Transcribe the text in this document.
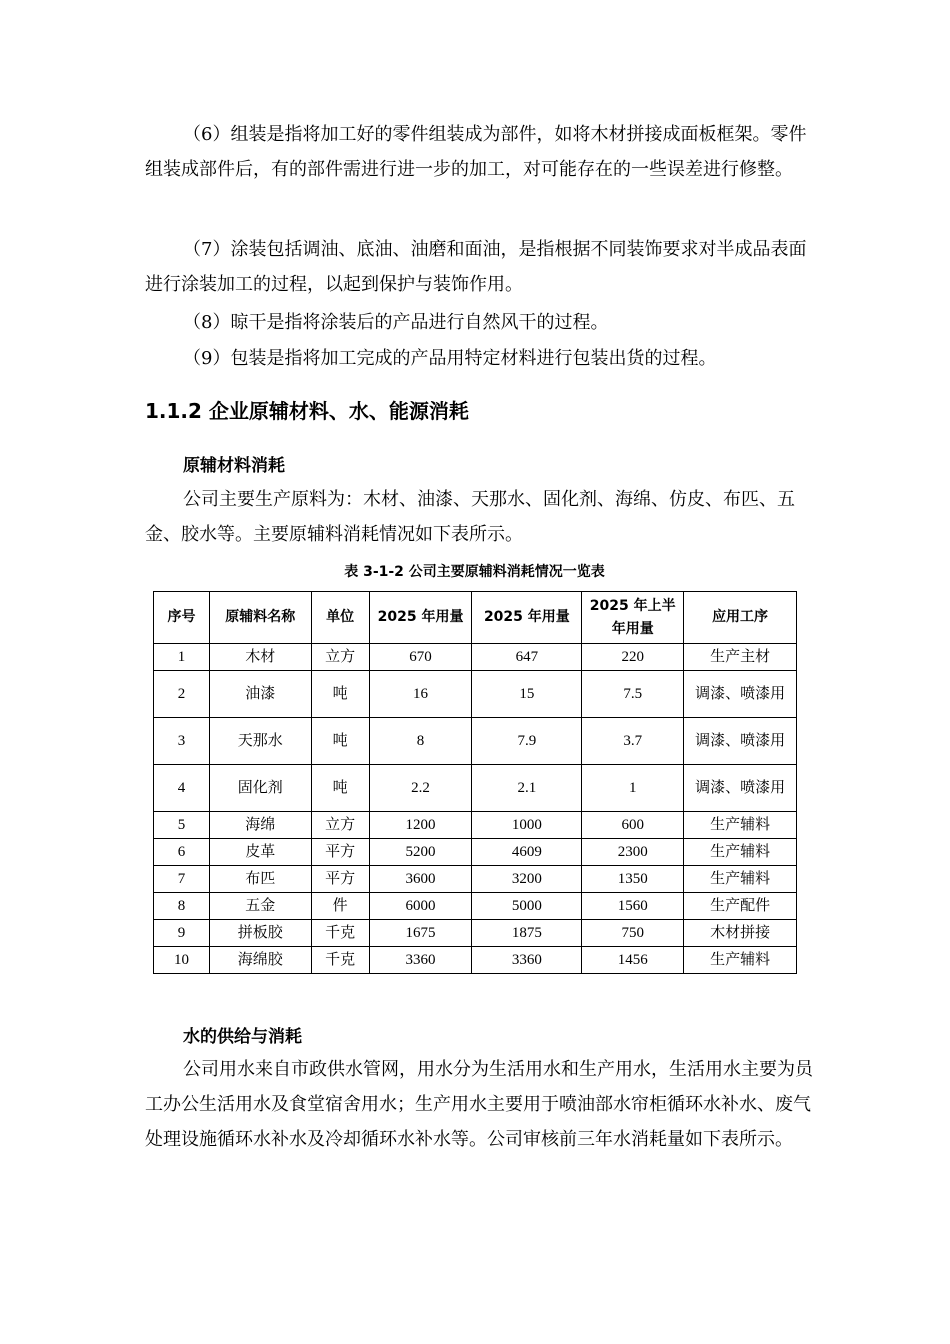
（6）组装是指将加工好的零件组装成为部件，如将木材拼接成面板框架。零件组装成部件后，有的部件需进行进一步的加工，对可能存在的一些误差进行修整。
（7）涂装包括调油、底油、油磨和面油，是指根据不同装饰要求对半成品表面进行涂装加工的过程，以起到保护与装饰作用。
（8）晾干是指将涂装后的产品进行自然风干的过程。
（9）包装是指将加工完成的产品用特定材料进行包装出货的过程。
1.1.2 企业原辅材料、水、能源消耗
原辅材料消耗
公司主要生产原料为：木材、油漆、天那水、固化剂、海绵、仿皮、布匹、五金、胶水等。主要原辅料消耗情况如下表所示。
表 3-1-2 公司主要原辅料消耗情况一览表
序号	原辅料名称	单位	2025 年用量	2025 年用量	2025 年上半年用量	应用工序
1	木材	立方	670	647	220	生产主材
2	油漆	吨	16	15	7.5	调漆、喷漆用
3	天那水	吨	8	7.9	3.7	调漆、喷漆用
4	固化剂	吨	2.2	2.1	1	调漆、喷漆用
5	海绵	立方	1200	1000	600	生产辅料
6	皮革	平方	5200	4609	2300	生产辅料
7	布匹	平方	3600	3200	1350	生产辅料
8	五金	件	6000	5000	1560	生产配件
9	拼板胶	千克	1675	1875	750	木材拼接
10	海绵胶	千克	3360	3360	1456	生产辅料
水的供给与消耗
公司用水来自市政供水管网，用水分为生活用水和生产用水，生活用水主要为员工办公生活用水及食堂宿舍用水；生产用水主要用于喷油部水帘柜循环水补水、废气处理设施循环水补水及冷却循环水补水等。公司审核前三年水消耗量如下表所示。
